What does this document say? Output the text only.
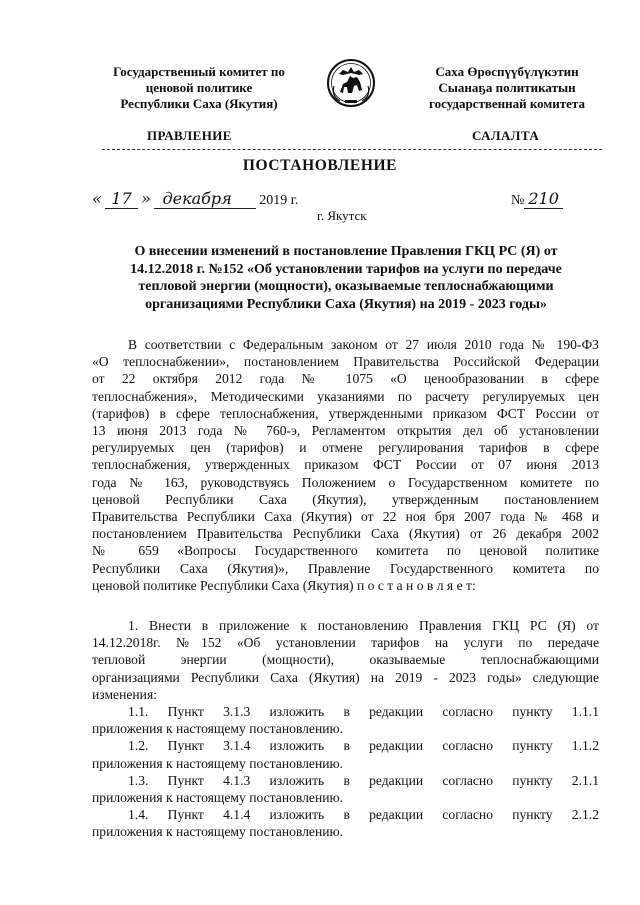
Государственный комитет по
ценовой политике
Республики Саха (Якутия)
Саха Өрөспүүбүлүкэтин
Сыанаҕа политикатын
государственнай комитета
ПРАВЛЕНИЕ	САЛАЛТА
ПОСТАНОВЛЕНИЕ
« 17 » декабря 2019 г.	№ 210
г. Якутск
О внесении изменений в постановление Правления ГКЦ РС (Я) от
14.12.2018 г. №152 «Об установлении тарифов на услуги по передаче
тепловой энергии (мощности), оказываемые теплоснабжающими
организациями Республики Саха (Якутия) на 2019 - 2023 годы»
В соответствии с Федеральным законом от 27 июля 2010 года № 190-ФЗ
«О теплоснабжении», постановлением Правительства Российской Федерации
от 22 октября 2012 года № 1075 «О ценообразовании в сфере
теплоснабжения», Методическими указаниями по расчету регулируемых цен
(тарифов) в сфере теплоснабжения, утвержденными приказом ФСТ России от
13 июня 2013 года № 760-э, Регламентом открытия дел об установлении
регулируемых цен (тарифов) и отмене регулирования тарифов в сфере
теплоснабжения, утвержденных приказом ФСТ России от 07 июня 2013
года № 163, руководствуясь Положением о Государственном комитете по
ценовой Республики Саха (Якутия), утвержденным постановлением
Правительства Республики Саха (Якутия) от 22 ноя бря 2007 года № 468 и
постановлением Правительства Республики Саха (Якутия) от 26 декабря 2002
№ 659 «Вопросы Государственного комитета по ценовой политике
Республики Саха (Якутия)», Правление Государственного комитета по
ценовой политике Республики Саха (Якутия) п о с т а н о в л я е т:
1. Внести в приложение к постановлению Правления ГКЦ РС (Я) от
14.12.2018г. №152 «Об установлении тарифов на услуги по передаче
тепловой энергии (мощности), оказываемые теплоснабжающими
организациями Республики Саха (Якутия) на 2019 - 2023 годы» следующие
изменения:
1.1. Пункт 3.1.3 изложить в редакции согласно пункту 1.1.1
приложения к настоящему постановлению.
1.2. Пункт 3.1.4 изложить в редакции согласно пункту 1.1.2
приложения к настоящему постановлению.
1.3. Пункт 4.1.3 изложить в редакции согласно пункту 2.1.1
приложения к настоящему постановлению.
1.4. Пункт 4.1.4 изложить в редакции согласно пункту 2.1.2
приложения к настоящему постановлению.
